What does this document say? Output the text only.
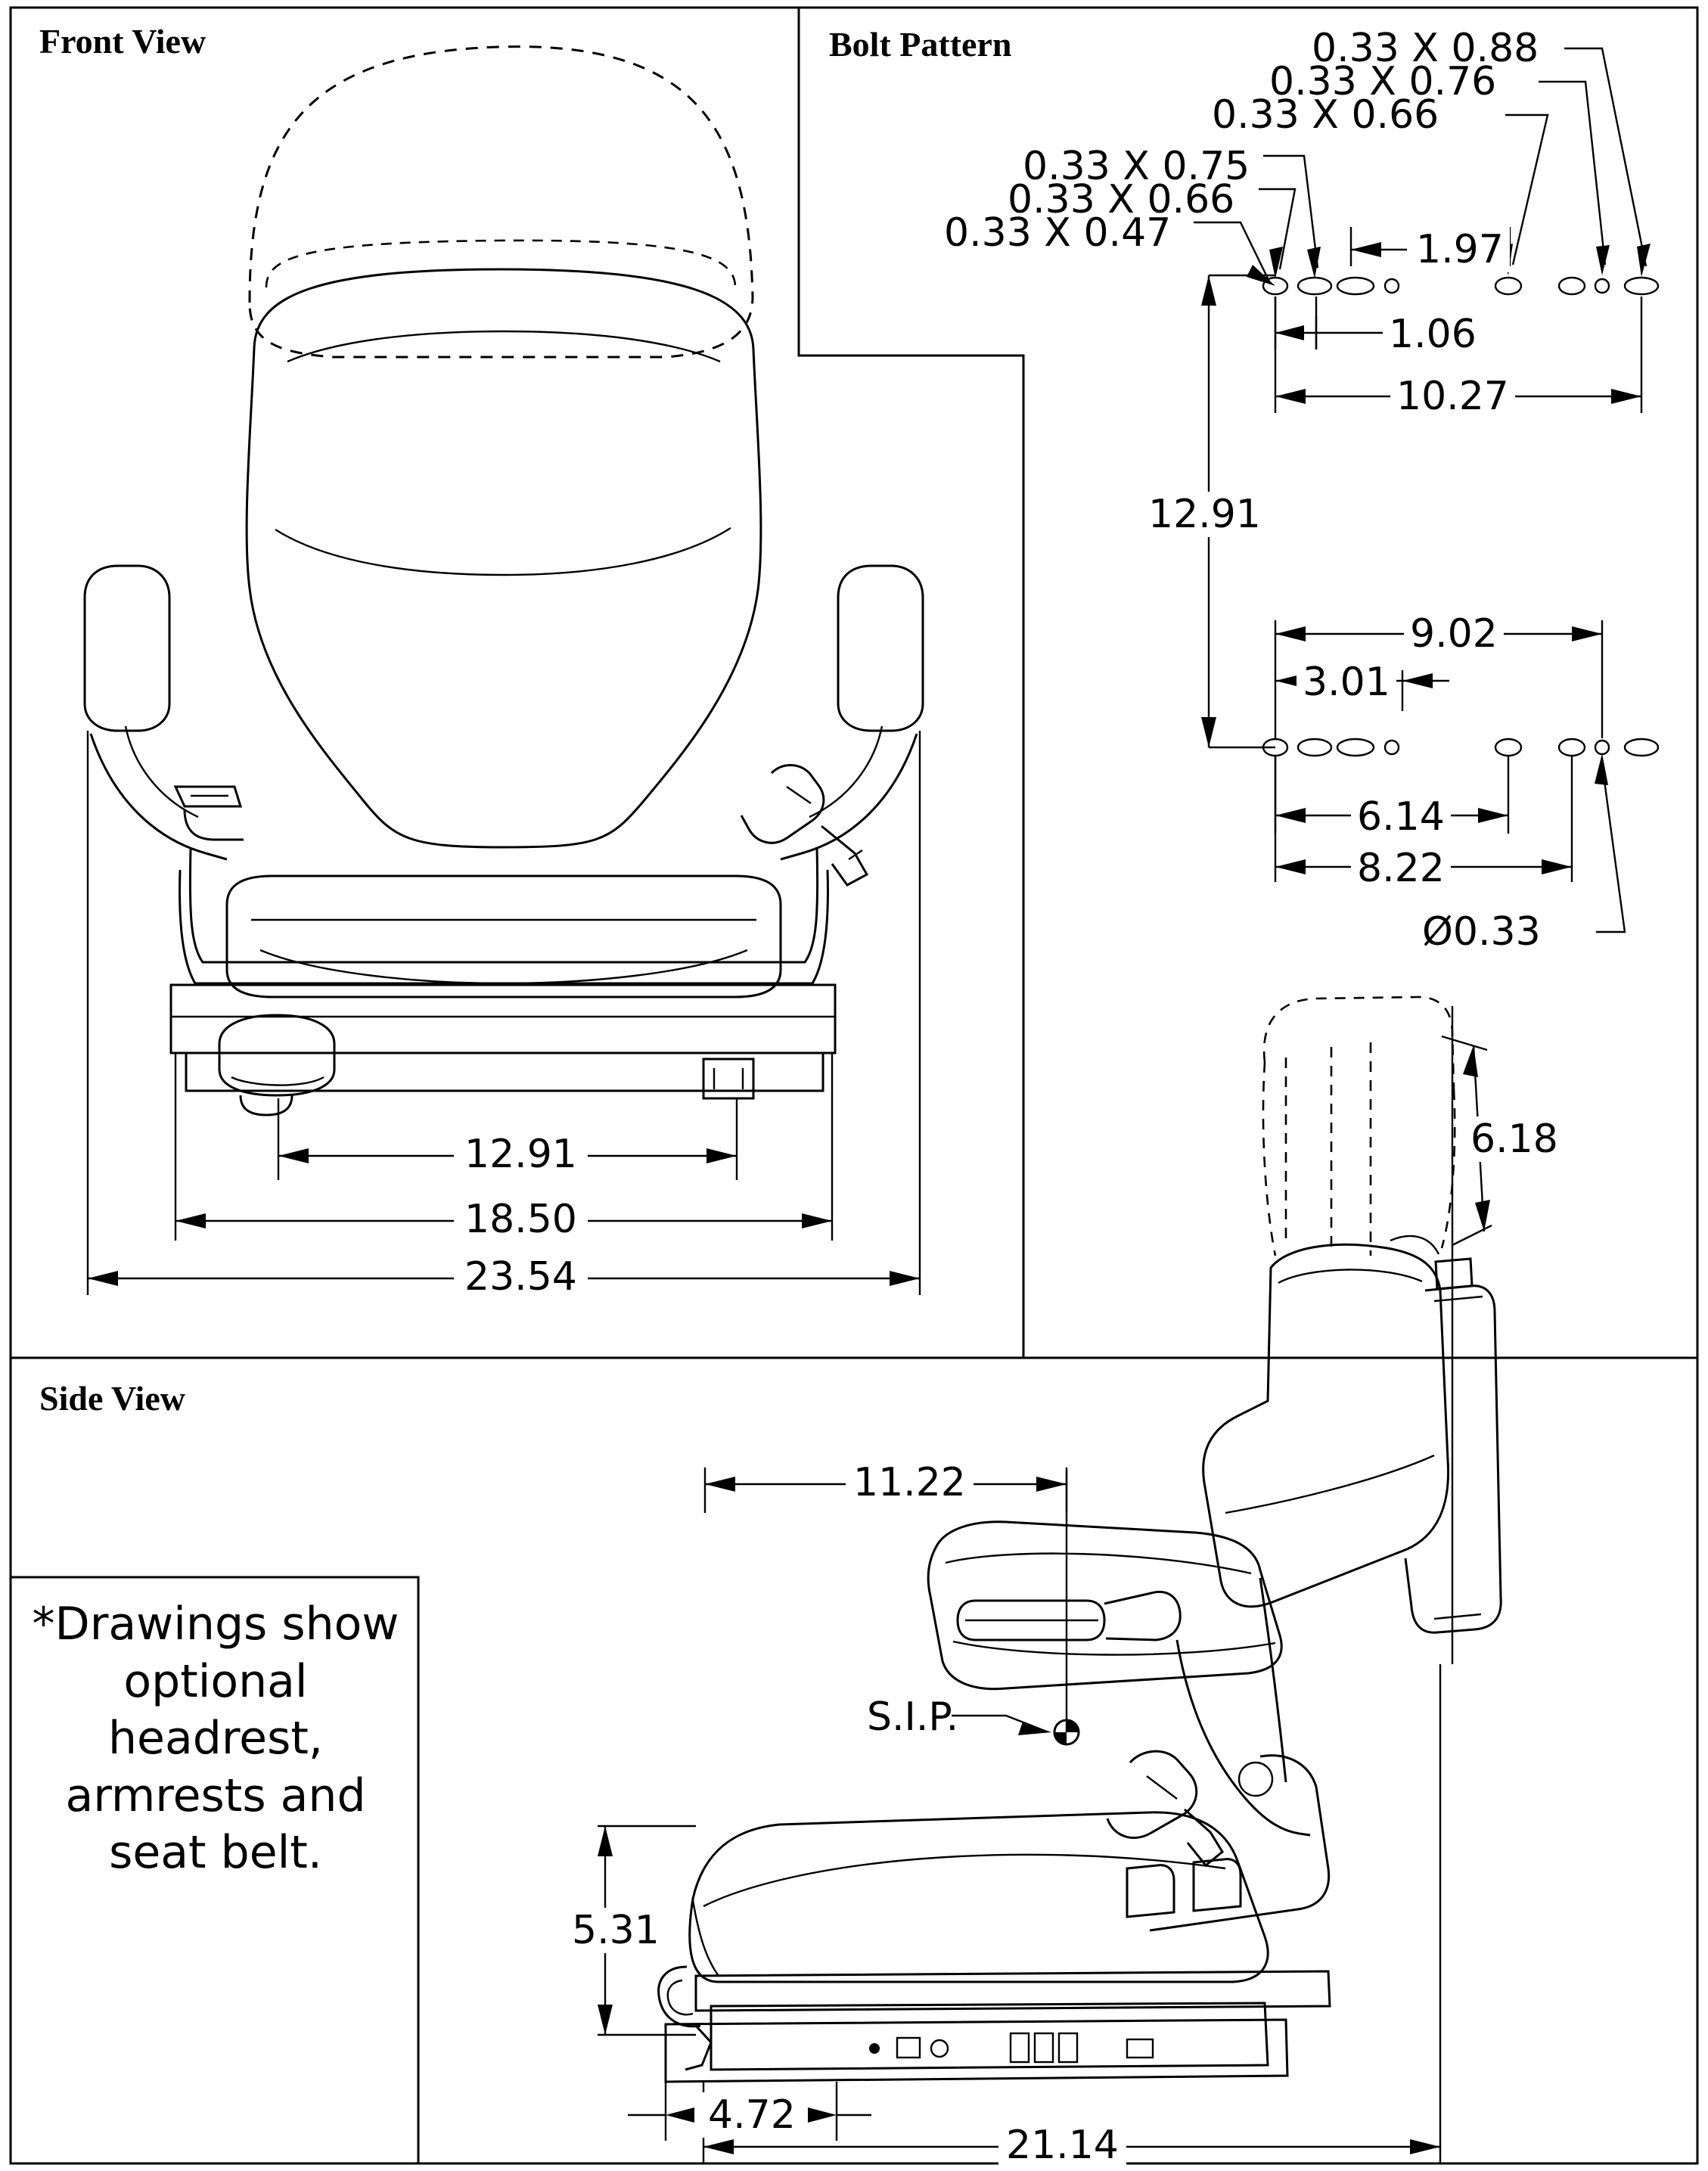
Front View	Bolt Pattern
Side View
*Drawings show optional headrest, armrests and seat belt.
12.91
18.50
23.54
0.33 X 0.88
0.33 X 0.76
0.33 X 0.66
0.33 X 0.75
0.33 X 0.66
0.33 X 0.47	1.97
1.06
10.27
12.91
9.02
3.01
6.14
8.22
Ø0.33
6.18
11.22
S.I.P.
5.31
4.72
21.14
